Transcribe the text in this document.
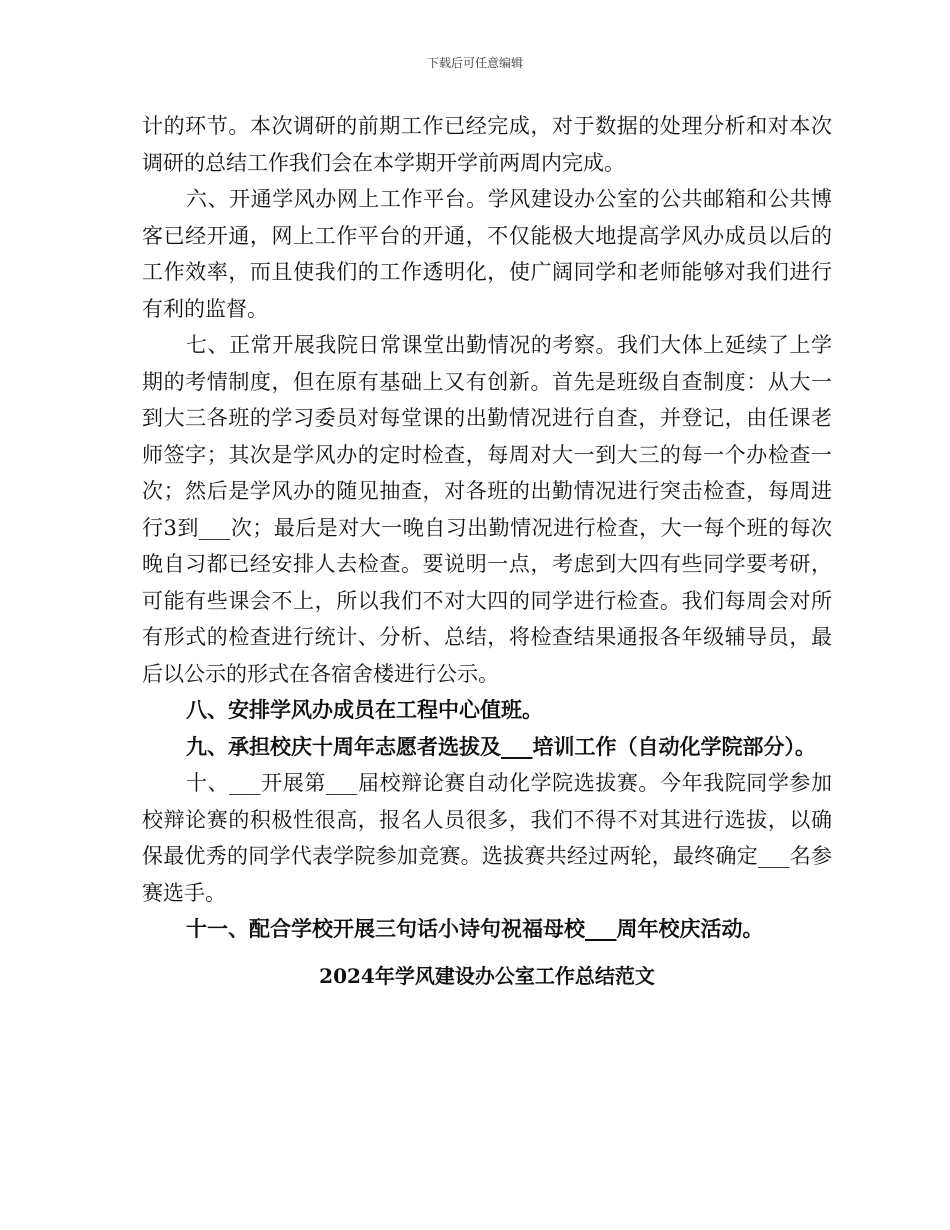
下载后可任意编辑

计的环节。本次调研的前期工作已经完成，对于数据的处理分析和对本次调研的总结工作我们会在本学期开学前两周内完成。

六、开通学风办网上工作平台。学风建设办公室的公共邮箱和公共博客已经开通，网上工作平台的开通，不仅能极大地提高学风办成员以后的工作效率，而且使我们的工作透明化，使广阔同学和老师能够对我们进行有利的监督。

七、正常开展我院日常课堂出勤情况的考察。我们大体上延续了上学期的考情制度，但在原有基础上又有创新。首先是班级自查制度：从大一到大三各班的学习委员对每堂课的出勤情况进行自查，并登记，由任课老师签字；其次是学风办的定时检查，每周对大一到大三的每一个办检查一次；然后是学风办的随见抽查，对各班的出勤情况进行突击检查，每周进行3到___次；最后是对大一晚自习出勤情况进行检查，大一每个班的每次晚自习都已经安排人去检查。要说明一点，考虑到大四有些同学要考研，可能有些课会不上，所以我们不对大四的同学进行检查。我们每周会对所有形式的检查进行统计、分析、总结，将检查结果通报各年级辅导员，最后以公示的形式在各宿舍楼进行公示。

八、安排学风办成员在工程中心值班。

九、承担校庆十周年志愿者选拔及___培训工作（自动化学院部分）。

十、___开展第___届校辩论赛自动化学院选拔赛。今年我院同学参加校辩论赛的积极性很高，报名人员很多，我们不得不对其进行选拔，以确保最优秀的同学代表学院参加竞赛。选拔赛共经过两轮，最终确定___名参赛选手。

十一、配合学校开展三句话小诗句祝福母校___周年校庆活动。

2024年学风建设办公室工作总结范文
